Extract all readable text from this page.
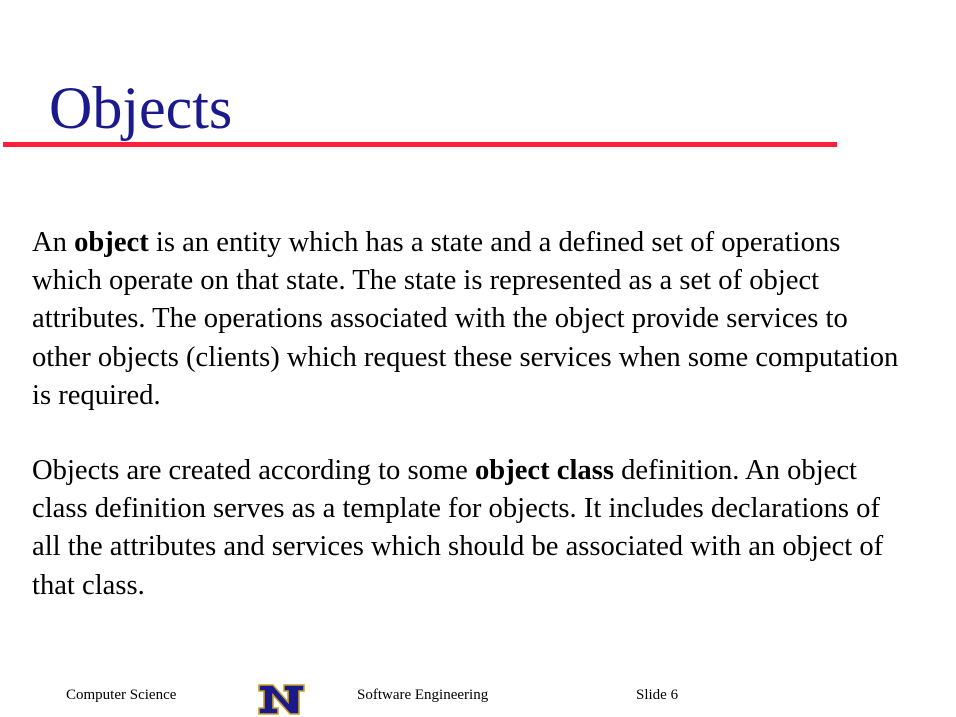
Objects

An object is an entity which has a state and a defined set of operations which operate on that state. The state is represented as a set of object attributes. The operations associated with the object provide services to other objects (clients) which request these services when some computation is required.

Objects are created according to some object class definition. An object class definition serves as a template for objects. It includes declarations of all the attributes and services which should be associated with an object of that class.

Computer Science	Software Engineering	Slide 6
